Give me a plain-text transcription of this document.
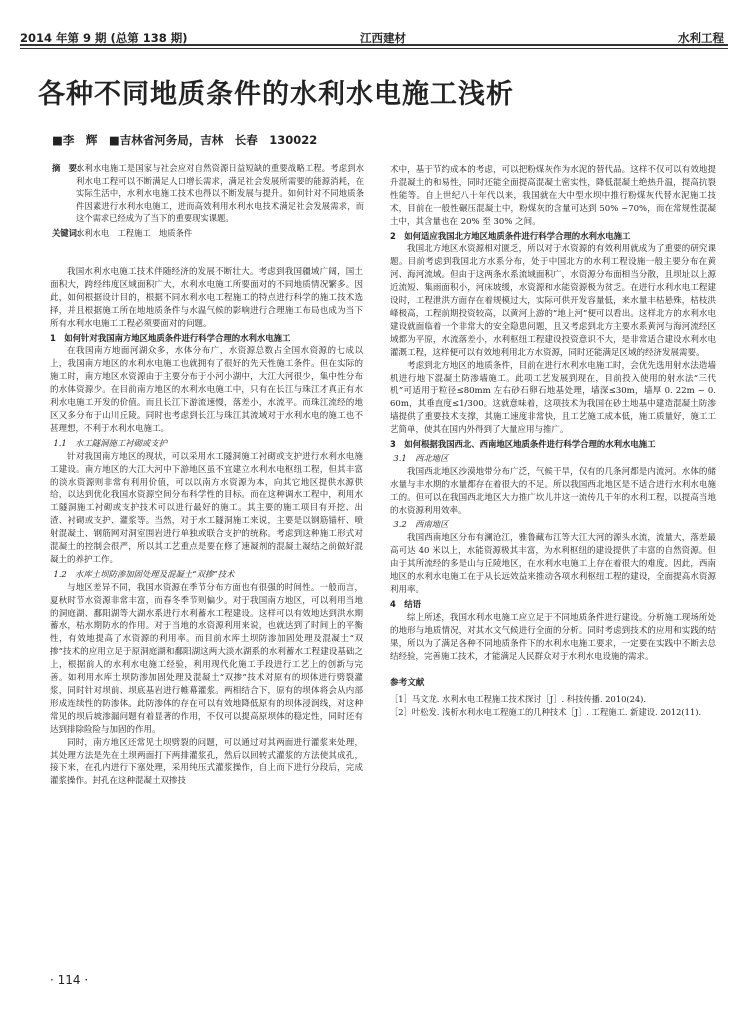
2014 年第 9 期 (总第 138 期)	江西建材	水利工程
各种不同地质条件的水利水电施工浅析
■李　辉　■吉林省河务局，吉林　长春　130022
摘　要：
水利水电施工是国家与社会应对自然资源日益短缺的重要战略工程。考虑到水利水电工程可以不断满足人口增长需求，满足社会发展所需要的能源消耗，在实际生活中，水利水电施工技术也得以不断发展与提升。如何针对不同地质条件因素进行水利水电施工，进而高效利用水利水电技术满足社会发展需求，而这个需求已经成为了当下的重要现实课题。
关键词：
水利水电　工程施工　地质条件

我国水利水电施工技术伴随经济的发展不断壮大。考虑到我国疆域广阔，国土面积大，跨经纬度区域面积广大，水利水电施工所要面对的不同地质情况繁多。因此，如何根据设计目的，根据不同水利水电工程施工的特点进行科学的施工技术选择，并且根据施工所在地地质条件与水温气候的影响进行合理施工布局也成为当下所有水利水电施工工程必须要面对的问题。

1　如何针对我国南方地区地质条件进行科学合理的水利水电施工

在我国南方地面河湖众多，水体分布广，水资源总数占全国水资源的七成以上，我国南方地区的水利水电施工也就拥有了很好的先天性施工条件。但在实际的施工时，南方地区水资源由于主要分布于小河小湖中，大江大河很少，集中性分布的水体资源少。在目前南方地区的水利水电施工中，只有在长江与珠江才真正有水利水电施工开发的价值。而且长江下游流速慢，落差小，水流平。而珠江流经的地区又多分布于山川丘陵。同时也考虑到长江与珠江其流域对于水利水电的施工也不甚理想，不利于水利水电施工。

1.1　水工隧洞施工衬砌或支护

针对我国南方地区的现状，可以采用水工隧洞施工衬砌或支护进行水利水电施工建设。南方地区的大江大河中下游地区虽不宜建立水利水电枢纽工程，但其丰富的淡水资源则非常有利用价值，可以以南方水资源为本，向其它地区提供水源供给，以达到优化我国水资源空间分布科学性的目标。而在这种调水工程中，利用水工隧洞施工衬砌或支护技术可以进行最好的施工。其主要的施工项目有开挖、出渣、衬砌或支护、灌浆等。当然，对于水工隧洞施工来说，主要是以钢筋锚杆、喷射混凝土、钢筋网对洞室围岩进行单独或联合支护的统称。考虑到这种施工形式对混凝土的控制会很严，所以其工艺重点是要在修了速凝剂的混凝土凝结之前做好混凝土的养护工作。

1.2　水库土坝防渗加固处理及混凝土“双掺”技术

与地区差异不同，我国水资源在季节分布方面也有很强的时间性。一般而言，夏秋时节水资源非常丰富，而春冬季节则偏少。对于我国南方地区，可以利用当地的洞庭湖、鄱阳湖等大湖水系进行水利蓄水工程建设。这样可以有效地达到洪水期蓄水，枯水期防水的作用。对于当地的水资源利用来说，也就达到了时间上的平衡性，有效地提高了水资源的利用率。而目前水库土坝防渗加固处理及混凝土“双掺”技术的应用立足于原洞庭湖和鄱阳湖这两大淡水湖系的水利蓄水工程建设基础之上，根据前人的水利水电施工经验，利用现代化施工手段进行工艺上的创新与完善。如利用水库土坝防渗加固处理及混凝土“双掺”技术对原有的坝体进行劈裂灌浆，同时针对坝前、坝底基岩进行帷幕灌浆。两相结合下，原有的坝体将会从内部形成连续性的防渗体。此防渗体的存在可以有效地降低原有的坝体浸润线，对这种常见的坝后坡渗漏问题有着显著的作用，不仅可以提高原坝体的稳定性，同时还有达到排除险险与加固的作用。

同时，南方地区还常见土坝劈裂的问题，可以通过对其两面进行灌浆来处理，其处理方法是先在土坝两面打下两排灌浆孔，然后以回转式灌浆的方法使其成孔，接下来，在孔内进行下塞处理，采用纯压式灌浆操作，自上而下进行分段后，完成灌浆操作。封孔在这种混凝土双掺技

术中，基于节约成本的考虑，可以把粉煤灰作为水泥的替代品。这样不仅可以有效地提升混凝土的和易性，同时还能全面提高混凝土密实性，降低混凝土绝热升温，提高抗裂性能等。自上世纪八十年代以来，我国就在大中型水坝中推行粉煤灰代替水泥施工技术，目前在一般性碾压混凝土中，粉煤灰的含量可达到 50% ~70%，而在常规性混凝土中，其含量也在 20% 至 30% 之间。

2　如何适应我国北方地区地质条件进行科学合理的水利水电施工

我国北方地区水资源相对匮乏，所以对于水资源的有效利用就成为了重要的研究课题。目前考虑到我国北方水系分布，处于中国北方的水利工程设施一般主要分布在黄河、海河流域。但由于这两条水系流域面积广，水资源分布面相当分散，且坝址以上源近流短、集雨面积小，河床坡缓，水资源和水能资源极为贫乏。在进行水利水电工程建设时，工程泄洪方面存在着规模过大，实际可供开发容量低，来水量丰枯悬殊，枯枝洪峰极高，工程前期投资较高，以黄河上游的“地上河”便可以看出。这样北方的水利水电建设就面临着一个非常大的安全隐患问题，且又考虑到北方主要水系黄河与海河流经区域都为平原，水流落差小，水利枢纽工程建设投资意识不大，是非常适合建设水利水电灌溉工程，这样便可以有效地利用北方水资源，同时还能满足区域的经济发展需要。

考虑到北方地区的地质条件，目前在进行水利水电施工时，会优先选用射水法造墙机进行地下混凝土防渗墙施工。此项工艺发展到现在，目前投入使用的射水法“三代机”可适用于粒径≤80mm 左右砂石卵石地基处理，墙深≤30m，墙厚 0. 22m ~ 0. 60m，其垂直度≤1/300。这就意味着，这项技术为我国在砂土地基中建造混凝土防渗墙提供了重要技术支撑，其施工速度非常快，且工艺施工成本低，施工质量好，施工工艺简单，使其在国内外得到了大量应用与推广。

3　如何根据我国西北、西南地区地质条件进行科学合理的水利水电施工
3.1　西北地区

我国西北地区沙漠地带分布广泛，气候干旱，仅有的几条河都是内流河。水体的储水量与丰水期的水量都存在着很大的不足。所以我国西北地区是不适合进行水利水电施工的。但可以在我国西北地区大力推广坎儿井这一流传几千年的水利工程，以提高当地的水资源利用效率。

3.2　西南地区

我国西南地区分布有澜沧江，雅鲁藏布江等大江大河的源头水流，流量大，落差最高可达 40 米以上，水能资源极其丰富，为水利枢纽的建设提供了丰富的自然资源。但由于其所流经的多是山与丘陵地区，在水利水电施工上存在着很大的难度。因此，西南地区的水利水电施工在于从长远效益来推动各项水利枢纽工程的建设，全面提高水资源利用率。

4　结语

综上所述，我国水利水电施工应立足于不同地质条件进行建设。分析施工现场所处的地形与地质情况，对其水文气候进行全面的分析。同时考虑到技术的应用和实践的结果，所以为了满足各种不同地质条件下的水利水电施工要求，一定要在实践中不断去总结经验，完善施工技术，才能满足人民群众对于水利水电设施的需求。

参考文献
［1］马文龙. 水利水电工程施工技术探讨［J］. 科技传播. 2010(24).
［2］叶松发. 浅析水利水电工程施工的几种技术［J］. 工程施工. 新建设. 2012(11).
· 114 ·
